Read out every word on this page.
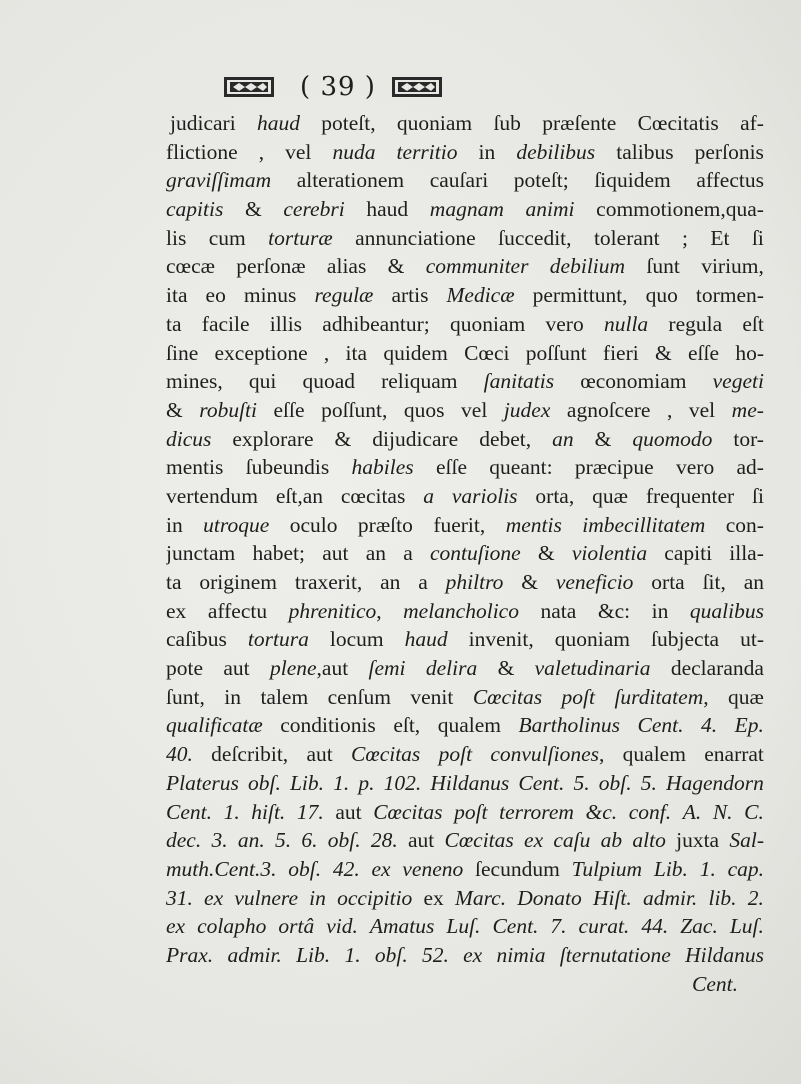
( 39 )
judicari haud poteſt, quoniam ſub præſente Cœcitatis af-
flictione , vel nuda territio in debilibus talibus perſonis
graviſſimam alterationem cauſari poteſt; ſiquidem affectus
capitis & cerebri haud magnam animi commotionem,qua-
lis cum torturæ annunciatione ſuccedit, tolerant ; Et ſi
cœcæ perſonæ alias & communiter debilium ſunt virium,
ita eo minus regulæ artis Medicæ permittunt, quo tormen-
ta facile illis adhibeantur; quoniam vero nulla regula eſt
ſine exceptione , ita quidem Cœci poſſunt fieri & eſſe ho-
mines, qui quoad reliquam ſanitatis œconomiam vegeti
& robuſti eſſe poſſunt, quos vel judex agnoſcere , vel me-
dicus explorare & dijudicare debet, an & quomodo tor-
mentis ſubeundis habiles eſſe queant: præcipue vero ad-
vertendum eſt,an cœcitas a variolis orta, quæ frequenter ſi
in utroque oculo præſto fuerit, mentis imbecillitatem con-
junctam habet; aut an a contuſione & violentia capiti illa-
ta originem traxerit, an a philtro & veneficio orta ſit, an
ex affectu phrenitico, melancholico nata &c: in qualibus
caſibus tortura locum haud invenit, quoniam ſubjecta ut-
pote aut plene,aut ſemi delira & valetudinaria declaranda
ſunt, in talem cenſum venit Cœcitas poſt ſurditatem, quæ
qualificatæ conditionis eſt, qualem Bartholinus Cent. 4. Ep.
40. deſcribit, aut Cœcitas poſt convulſiones, qualem enarrat
Platerus obſ. Lib. 1. p. 102. Hildanus Cent. 5. obſ. 5. Hagendorn
Cent. 1. hiſt. 17. aut Cœcitas poſt terrorem &c. conf. A. N. C.
dec. 3. an. 5. 6. obſ. 28. aut Cœcitas ex caſu ab alto juxta Sal-
muth.Cent.3. obſ. 42. ex veneno ſecundum Tulpium Lib. 1. cap.
31. ex vulnere in occipitio ex Marc. Donato Hiſt. admir. lib. 2.
ex colapho ortâ vid. Amatus Luſ. Cent. 7. curat. 44. Zac. Luſ.
Prax. admir. Lib. 1. obſ. 52. ex nimia ſternutatione Hildanus
Cent.
